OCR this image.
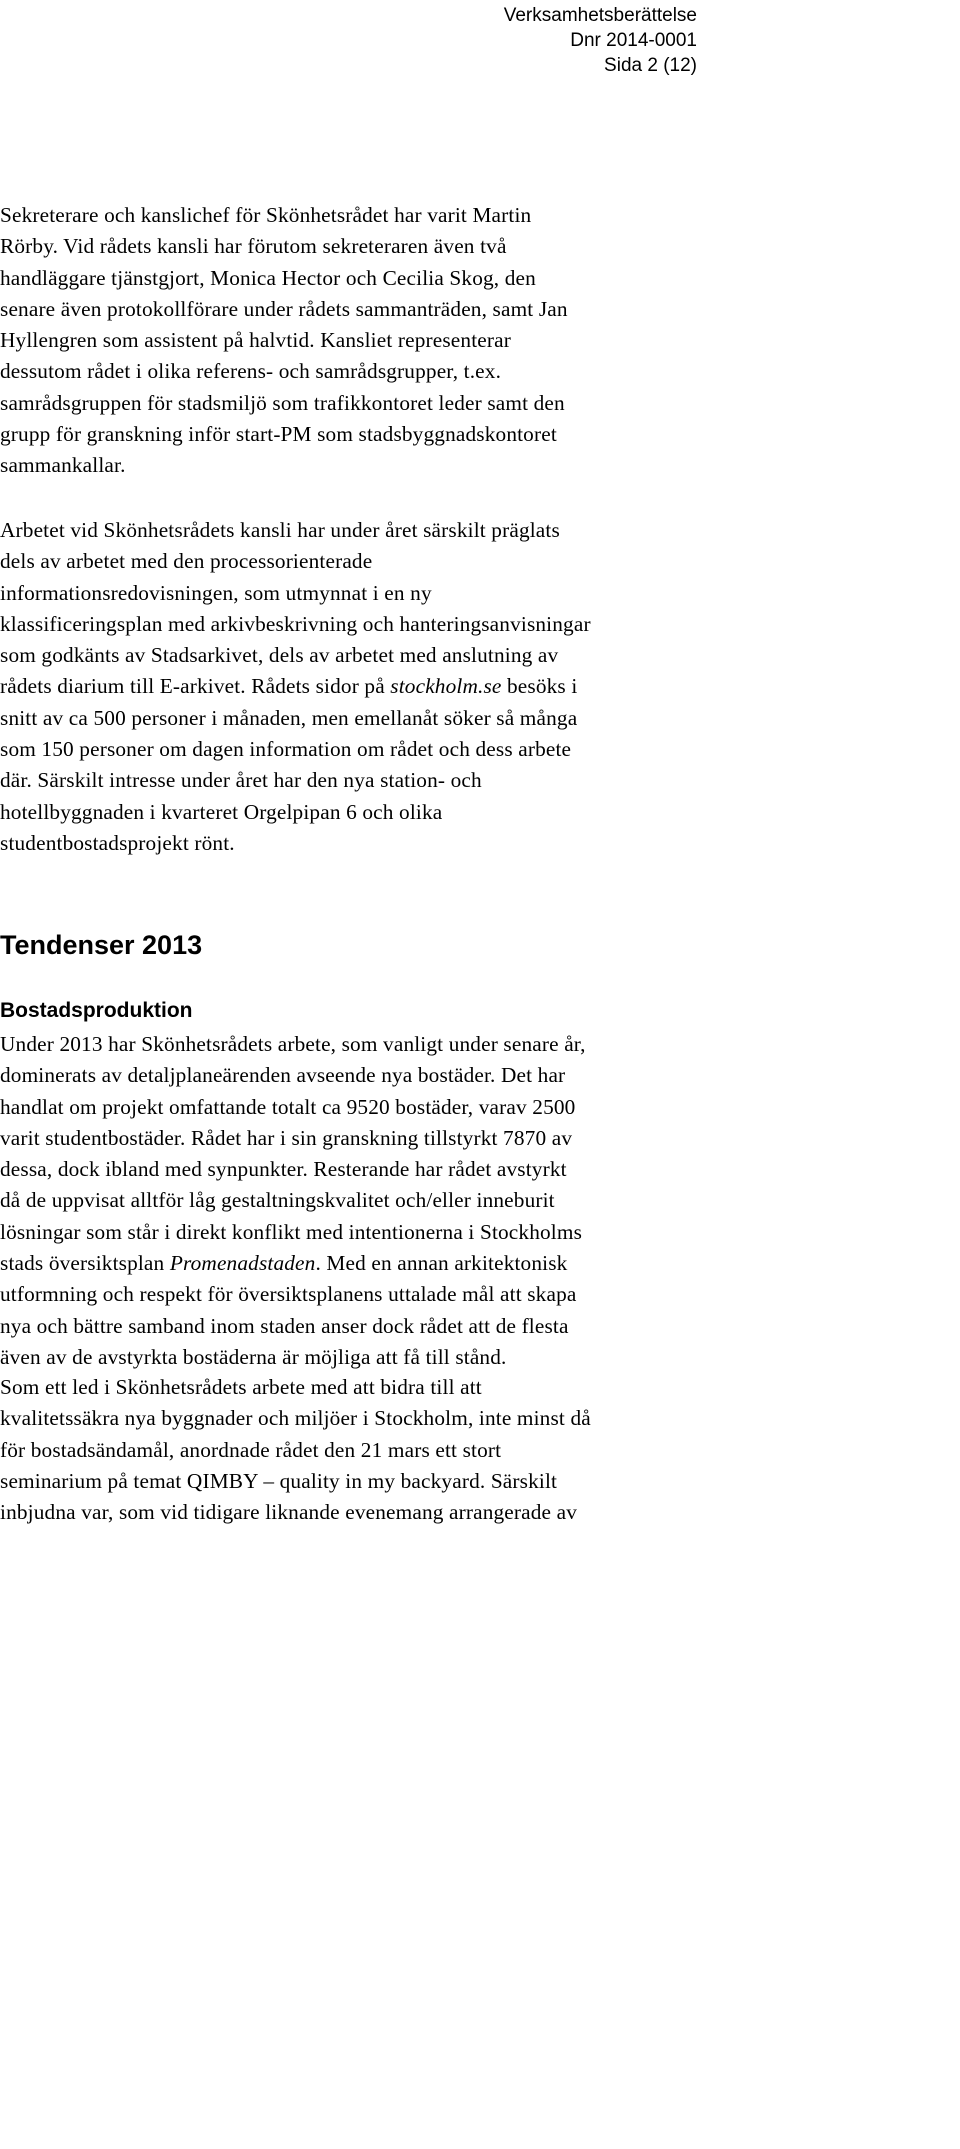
Verksamhetsberättelse
Dnr 2014-0001
Sida 2 (12)
Sekreterare och kanslichef för Skönhetsrådet har varit Martin
Rörby. Vid rådets kansli har förutom sekreteraren även två
handläggare tjänstgjort, Monica Hector och Cecilia Skog, den
senare även protokollförare under rådets sammanträden, samt Jan
Hyllengren som assistent på halvtid. Kansliet representerar
dessutom rådet i olika referens- och samrådsgrupper, t.ex.
samrådsgruppen för stadsmiljö som trafikkontoret leder samt den
grupp för granskning inför start-PM som stadsbyggnadskontoret
sammankallar.
Arbetet vid Skönhetsrådets kansli har under året särskilt präglats
dels av arbetet med den processorienterade
informationsredovisningen, som utmynnat i en ny
klassificeringsplan med arkivbeskrivning och hanteringsanvisningar
som godkänts av Stadsarkivet, dels av arbetet med anslutning av
rådets diarium till E-arkivet. Rådets sidor på stockholm.se besöks i
snitt av ca 500 personer i månaden, men emellanåt söker så många
som 150 personer om dagen information om rådet och dess arbete
där. Särskilt intresse under året har den nya station- och
hotellbyggnaden i kvarteret Orgelpipan 6 och olika
studentbostadsprojekt rönt.
Tendenser 2013
Bostadsproduktion
Under 2013 har Skönhetsrådets arbete, som vanligt under senare år,
dominerats av detaljplaneärenden avseende nya bostäder. Det har
handlat om projekt omfattande totalt ca 9520 bostäder, varav 2500
varit studentbostäder. Rådet har i sin granskning tillstyrkt 7870 av
dessa, dock ibland med synpunkter. Resterande har rådet avstyrkt
då de uppvisat alltför låg gestaltningskvalitet och/eller inneburit
lösningar som står i direkt konflikt med intentionerna i Stockholms
stads översiktsplan Promenadstaden. Med en annan arkitektonisk
utformning och respekt för översiktsplanens uttalade mål att skapa
nya och bättre samband inom staden anser dock rådet att de flesta
även av de avstyrkta bostäderna är möjliga att få till stånd.
Som ett led i Skönhetsrådets arbete med att bidra till att
kvalitetssäkra nya byggnader och miljöer i Stockholm, inte minst då
för bostadsändamål, anordnade rådet den 21 mars ett stort
seminarium på temat QIMBY – quality in my backyard. Särskilt
inbjudna var, som vid tidigare liknande evenemang arrangerade av
